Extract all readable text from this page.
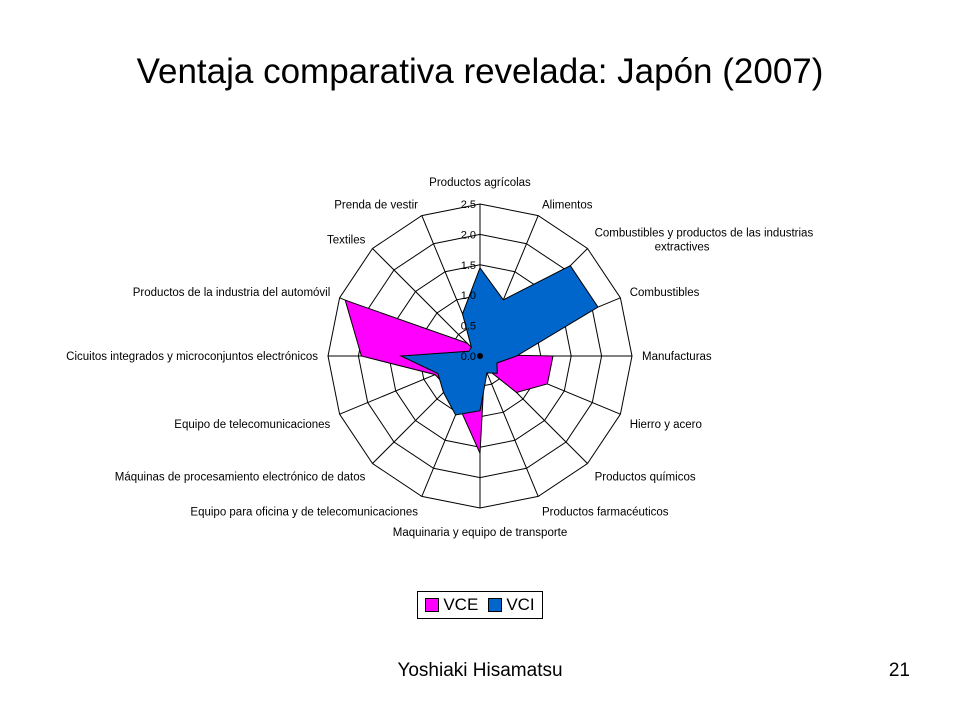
Ventaja comparativa revelada: Japón (2007)
0.0
0.5
1.0
1.5
2.0
2.5
Productos agrícolas
Alimentos
Combustibles y productos de las industrias extractives
Combustibles
Manufacturas
Hierro y acero
Productos químicos
Productos farmacéuticos
Maquinaria y equipo de transporte
Equipo para oficina y de telecomunicaciones
Máquinas de procesamiento electrónico de datos
Equipo de telecomunicaciones
Cicuitos integrados y microconjuntos electrónicos
Productos de la industria del automóvil
Textiles
Prenda de vestir
VCE VCI
Yoshiaki Hisamatsu	21
